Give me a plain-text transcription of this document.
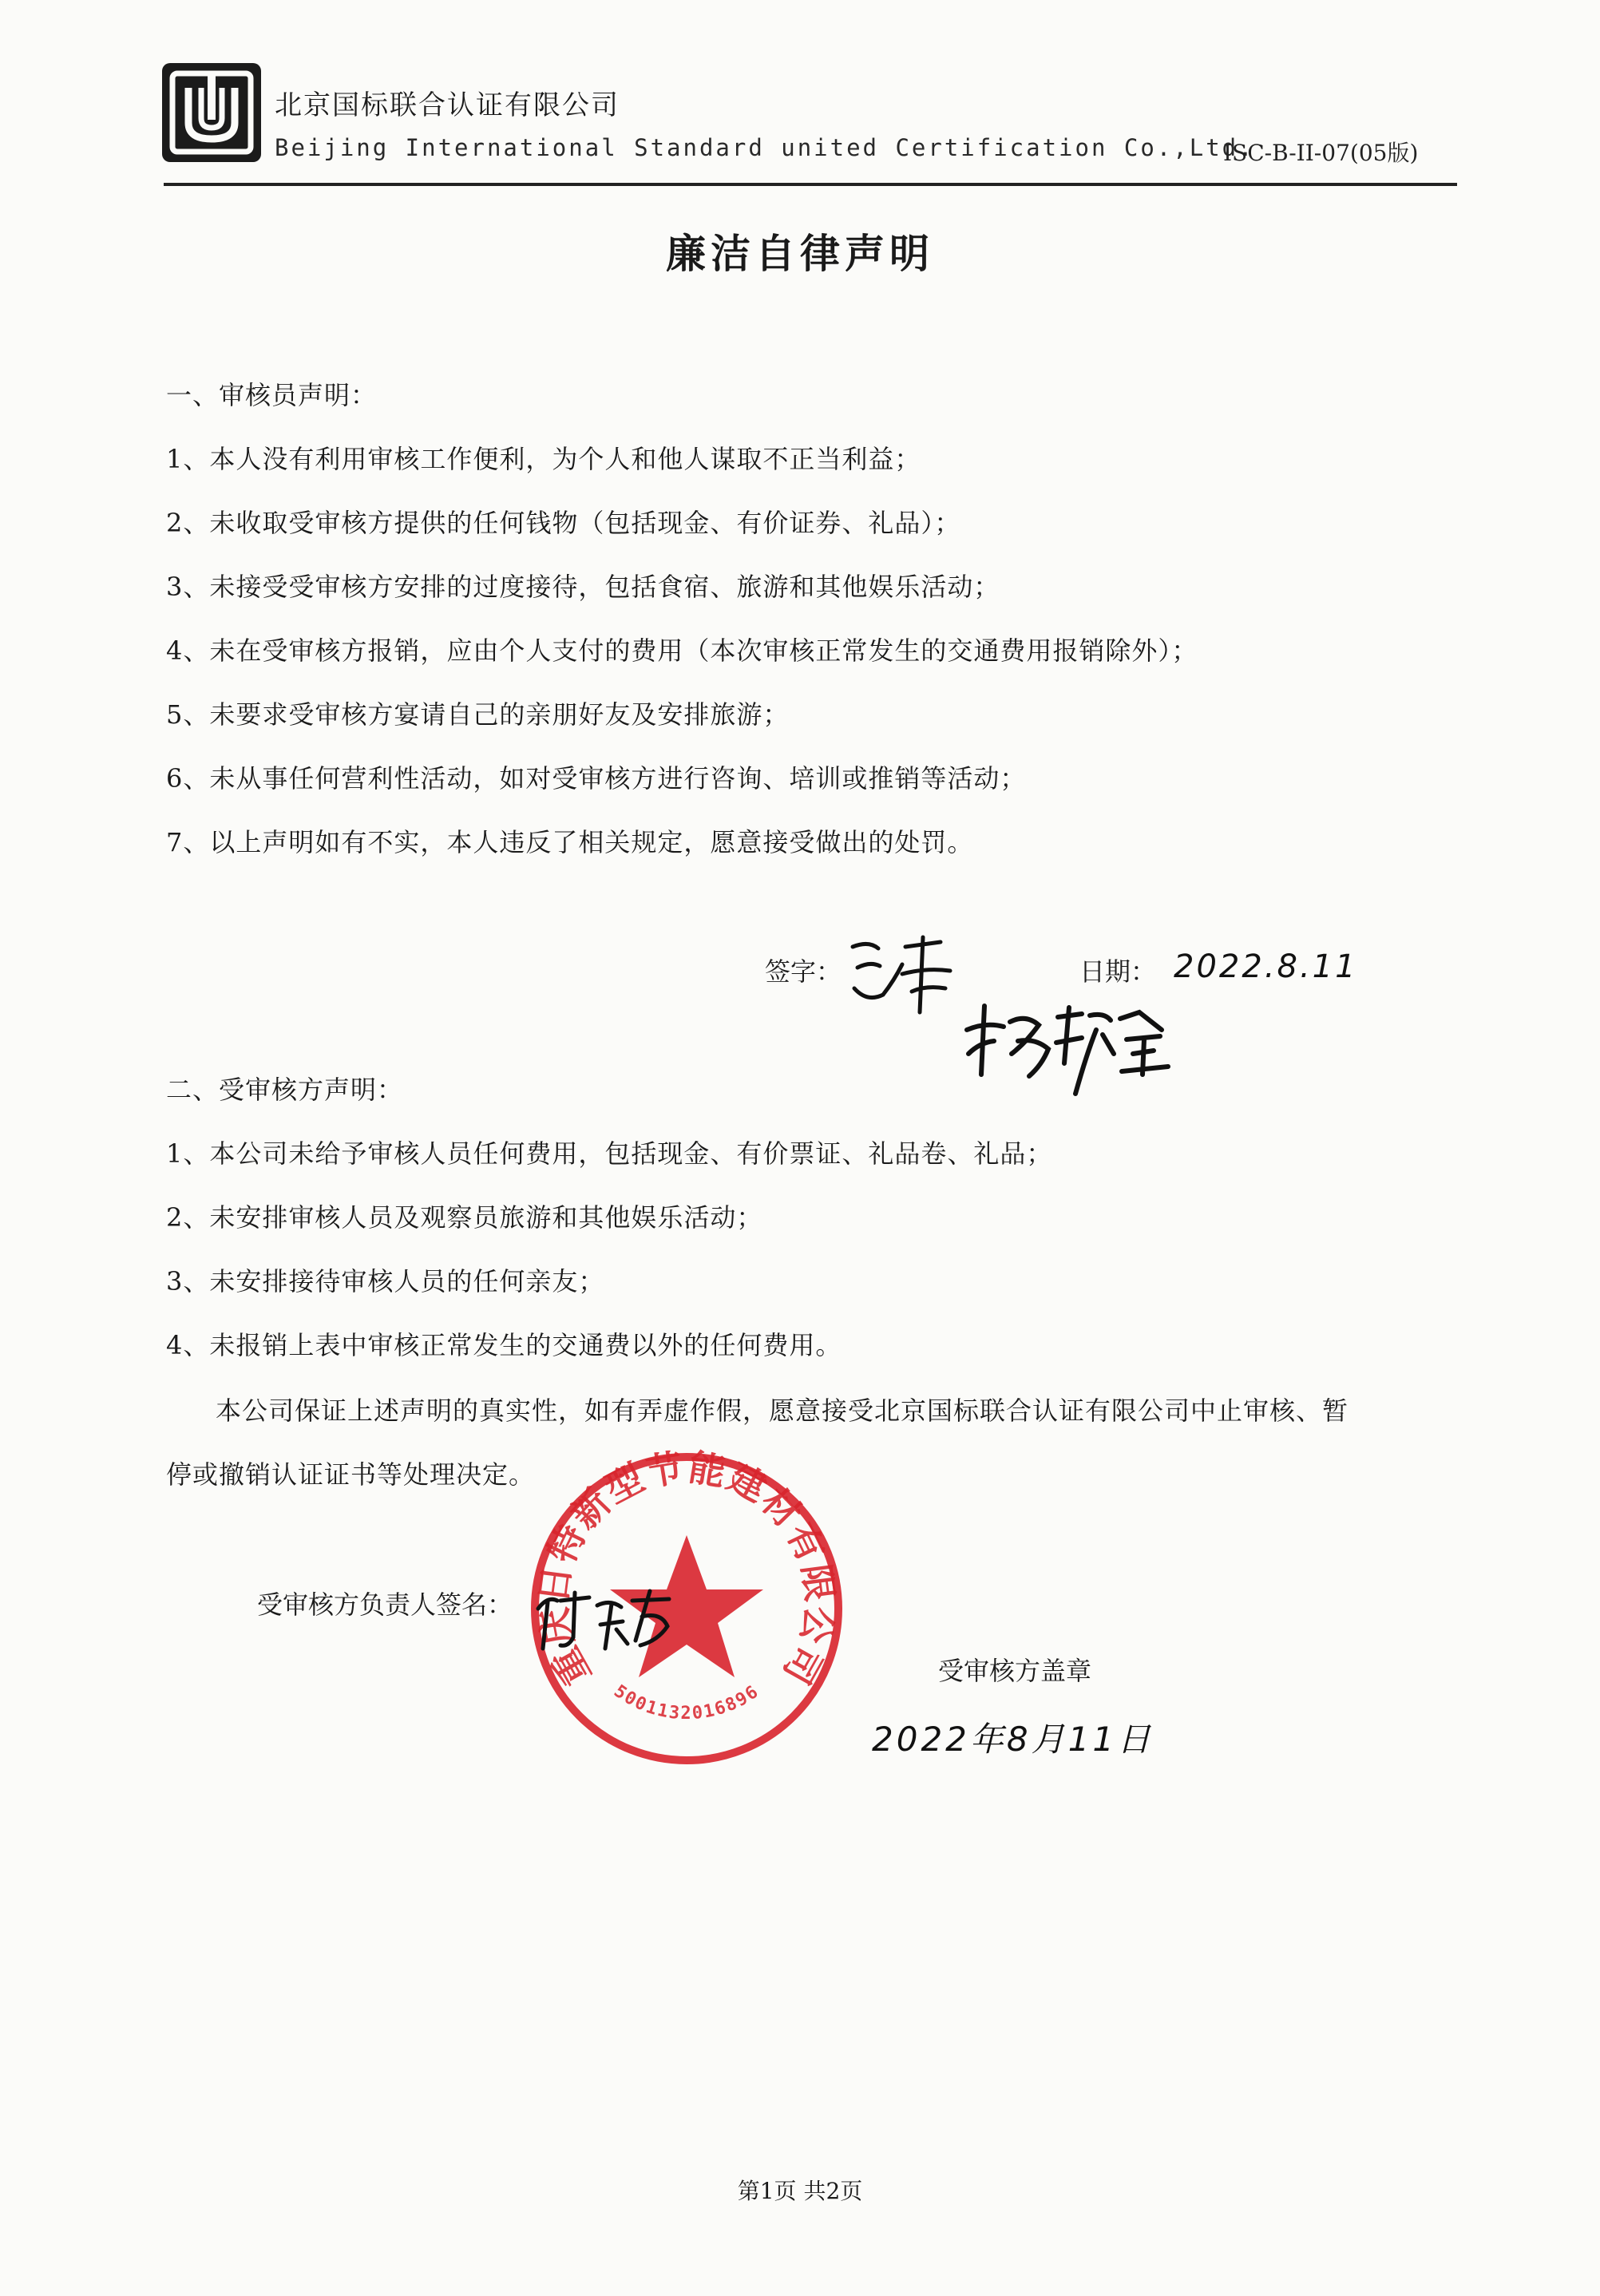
北京国标联合认证有限公司
Beijing International Standard united Certification Co.,Ltd.
ISC-B-II-07(05版)
廉洁自律声明
一、审核员声明：
1、本人没有利用审核工作便利，为个人和他人谋取不正当利益；
2、未收取受审核方提供的任何钱物（包括现金、有价证券、礼品）；
3、未接受受审核方安排的过度接待，包括食宿、旅游和其他娱乐活动；
4、未在受审核方报销，应由个人支付的费用（本次审核正常发生的交通费用报销除外）；
5、未要求受审核方宴请自己的亲朋好友及安排旅游；
6、未从事任何营利性活动，如对受审核方进行咨询、培训或推销等活动；
7、以上声明如有不实，本人违反了相关规定，愿意接受做出的处罚。
签字：	日期： 2022.8.11
二、受审核方声明：
1、本公司未给予审核人员任何费用，包括现金、有价票证、礼品卷、礼品；
2、未安排审核人员及观察员旅游和其他娱乐活动；
3、未安排接待审核人员的任何亲友；
4、未报销上表中审核正常发生的交通费以外的任何费用。
本公司保证上述声明的真实性，如有弄虚作假，愿意接受北京国标联合认证有限公司中止审核、暂
停或撤销认证证书等处理决定。
受审核方负责人签名：
重庆日特新型节能建材有限公司
5001132016896
受审核方盖章
2022年8月11日
第1页 共2页
